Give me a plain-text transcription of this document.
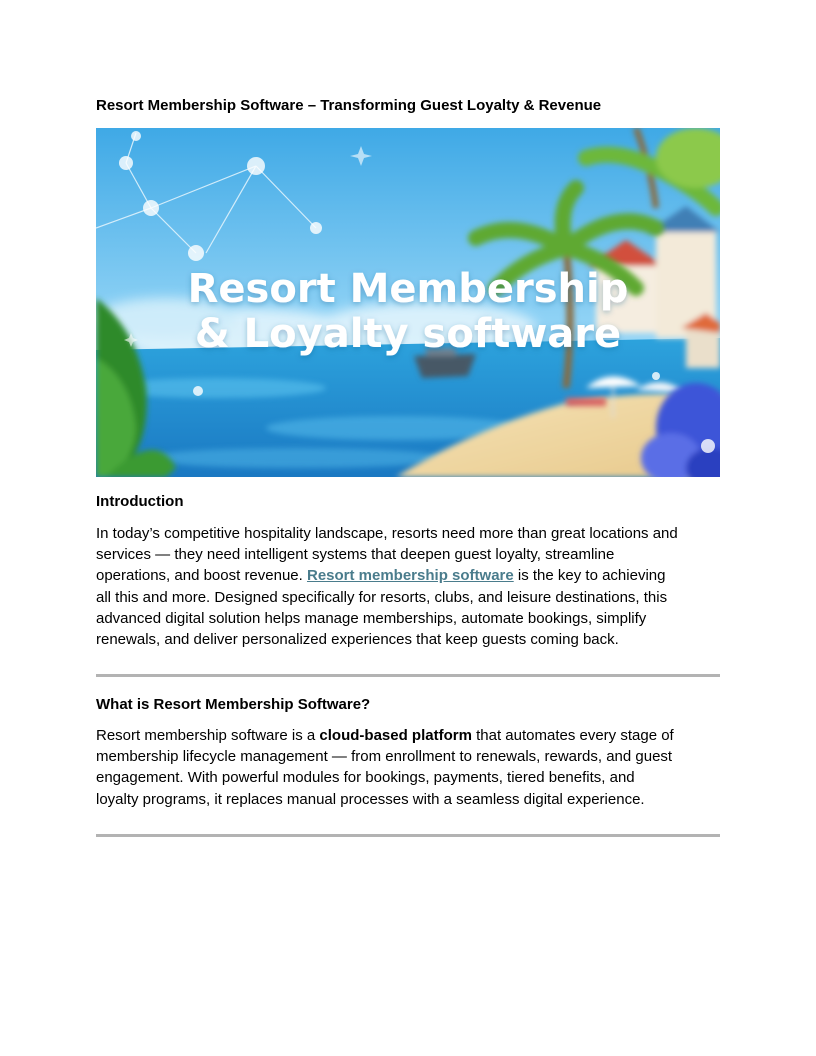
Resort Membership Software – Transforming Guest Loyalty & Revenue
Resort Membership
& Loyalty software
Introduction

In today’s competitive hospitality landscape, resorts need more than great locations and
services — they need intelligent systems that deepen guest loyalty, streamline
operations, and boost revenue. Resort membership software is the key to achieving
all this and more. Designed specifically for resorts, clubs, and leisure destinations, this
advanced digital solution helps manage memberships, automate bookings, simplify
renewals, and deliver personalized experiences that keep guests coming back.

What is Resort Membership Software?

Resort membership software is a cloud-based platform that automates every stage of
membership lifecycle management — from enrollment to renewals, rewards, and guest
engagement. With powerful modules for bookings, payments, tiered benefits, and
loyalty programs, it replaces manual processes with a seamless digital experience.
